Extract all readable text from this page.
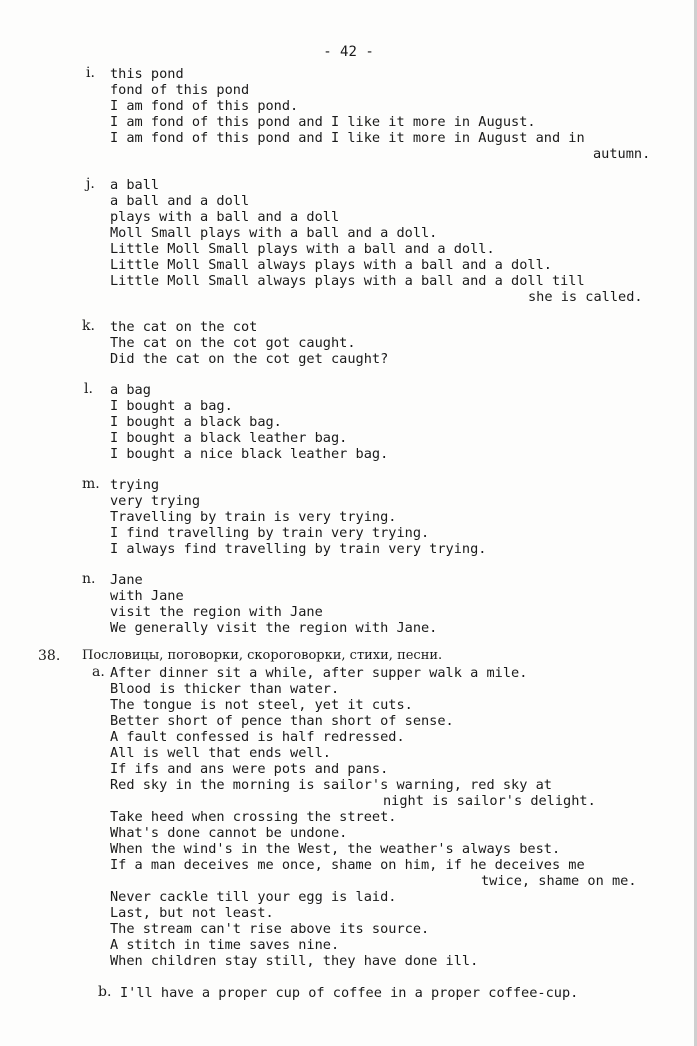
- 42 -
i. this pond
fond of this pond
I am fond of this pond.
I am fond of this pond and I like it more in August.
I am fond of this pond and I like it more in August and in
autumn.
j. a ball
a ball and a doll
plays with a ball and a doll
Moll Small plays with a ball and a doll.
Little Moll Small plays with a ball and a doll.
Little Moll Small always plays with a ball and a doll.
Little Moll Small always plays with a ball and a doll till
she is called.
k. the cat on the cot
The cat on the cot got caught.
Did the cat on the cot get caught?
l. a bag
I bought a bag.
I bought a black bag.
I bought a black leather bag.
I bought a nice black leather bag.
m. trying
very trying
Travelling by train is very trying.
I find travelling by train very trying.
I always find travelling by train very trying.
n. Jane
with Jane
visit the region with Jane
We generally visit the region with Jane.
38. Пословицы, поговорки, скороговорки, стихи, песни.
a. After dinner sit a while, after supper walk a mile.
Blood is thicker than water.
The tongue is not steel, yet it cuts.
Better short of pence than short of sense.
A fault confessed is half redressed.
All is well that ends well.
If ifs and ans were pots and pans.
Red sky in the morning is sailor's warning, red sky at
night is sailor's delight.
Take heed when crossing the street.
What's done cannot be undone.
When the wind's in the West, the weather's always best.
If a man deceives me once, shame on him, if he deceives me
twice, shame on me.
Never cackle till your egg is laid.
Last, but not least.
The stream can't rise above its source.
A stitch in time saves nine.
When children stay still, they have done ill.
b. I'll have a proper cup of coffee in a proper coffee-cup.
